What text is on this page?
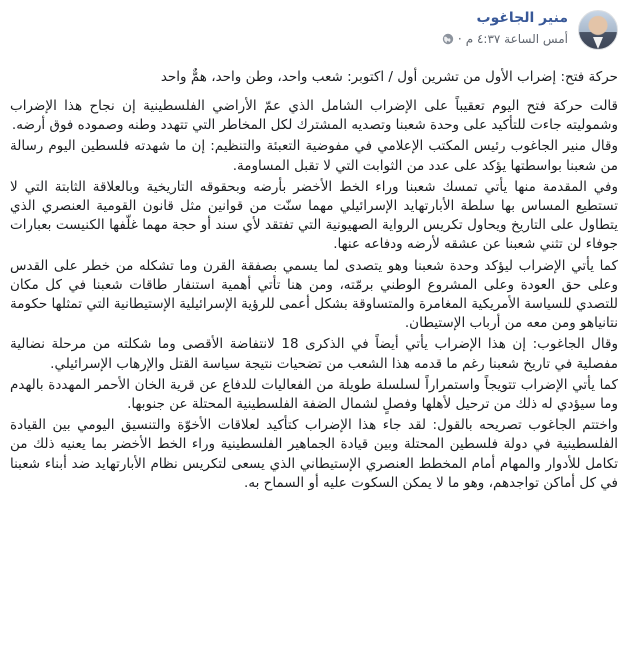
منير الجاغوب
أمس الساعة ٤:٣٧ م
·
حركة فتح: إضراب الأول من تشرين أول / اكتوبر: شعب واحد، وطن واحد، همٌّ واحد

قالت حركة فتح اليوم تعقيباً على الإضراب الشامل الذي عمّ الأراضي الفلسطينية إن نجاح هذا الإضراب وشموليته جاءت للتأكيد على وحدة شعبنا وتصديه المشترك لكل المخاطر التي تتهدد وطنه وصموده فوق أرضه.

وقال منير الجاغوب رئيس المكتب الإعلامي في مفوضية التعبئة والتنظيم: إن ما شهدته فلسطين اليوم رسالة من شعبنا بواسطتها يؤكد على عدد من الثوابت التي لا تقبل المساومة.

وفي المقدمة منها يأتي تمسك شعبنا وراء الخط الأخضر بأرضه وبحقوقه التاريخية وبالعلاقة الثابتة التي لا تستطيع المساس بها سلطة الأبارتهايد الإسرائيلي مهما سنّت من قوانين مثل قانون القومية العنصري الذي يتطاول على التاريخ ويحاول تكريس الرواية الصهيونية التي تفتقد لأي سند أو حجة مهما غلّفها الكنيست بعبارات جوفاء لن تثني شعبنا عن عشقه لأرضه ودفاعه عنها.

كما يأتي الإضراب ليؤكد وحدة شعبنا وهو يتصدى لما يسمي بصفقة القرن وما تشكله من خطر على القدس وعلى حق العودة وعلى المشروع الوطني برمّته، ومن هنا تأتي أهمية استنفار طاقات شعبنا في كل مكان للتصدي للسياسة الأمريكية المغامرة والمتساوقة بشكل أعمى للرؤية الإسرائيلية الإستيطانية التي تمثلها حكومة نتانياهو ومن معه من أرباب الإستيطان.

وقال الجاغوب: إن هذا الإضراب يأتي أيضاً في الذكرى 18 لانتفاضة الأقصى وما شكلته من مرحلة نضالية مفصلية في تاريخ شعبنا رغم ما قدمه هذا الشعب من تضحيات نتيجة سياسة القتل والإرهاب الإسرائيلي.

كما يأتي الإضراب تتويجاً واستمراراً لسلسلة طويلة من الفعاليات للدفاع عن قرية الخان الأحمر المهددة بالهدم وما سيؤدي له ذلك من ترحيل لأهلها وفصلٍ لشمال الضفة الفلسطينية المحتلة عن جنوبها.

واختتم الجاغوب تصريحه بالقول: لقد جاء هذا الإضراب كتأكيد لعلاقات الأخوّة والتنسيق اليومي بين القيادة الفلسطينية في دولة فلسطين المحتلة وبين قيادة الجماهير الفلسطينية وراء الخط الأخضر بما يعنيه ذلك من تكامل للأدوار والمهام أمام المخطط العنصري الإستيطاني الذي يسعى لتكريس نظام الأبارتهايد ضد أبناء شعبنا في كل أماكن تواجدهم، وهو ما لا يمكن السكوت عليه أو السماح به.
